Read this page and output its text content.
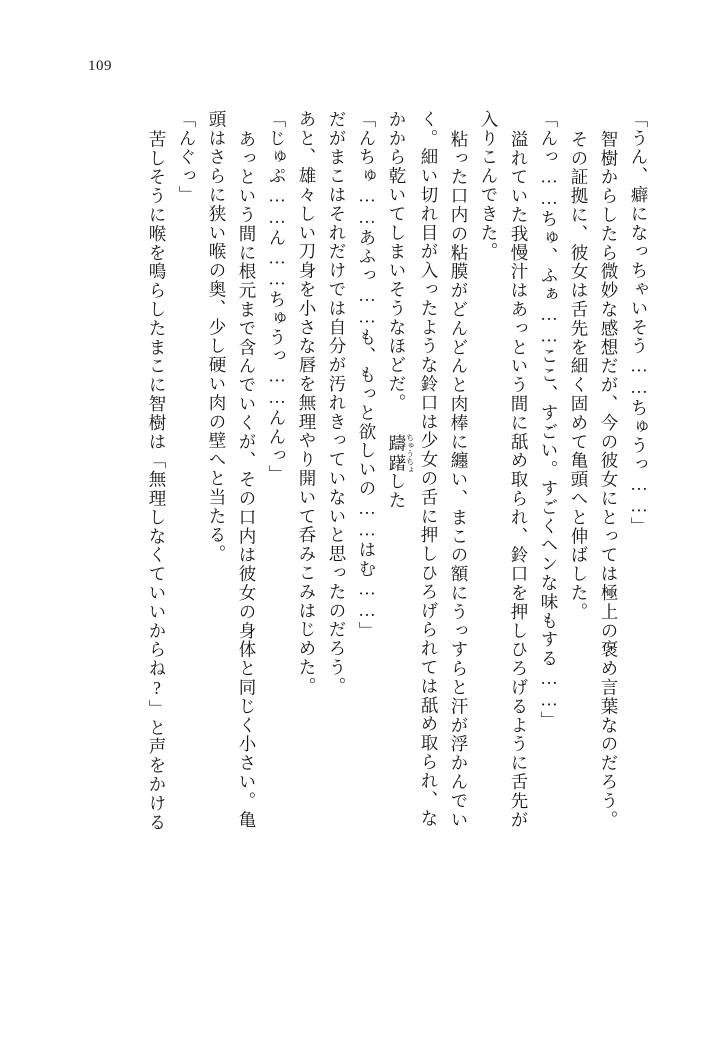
109
「うん、癖になっちゃいそう……ちゅうっ……」
智樹からしたら微妙な感想だが、今の彼女にとっては極上の褒め言葉なのだろう。
その証拠に、彼女は舌先を細く固めて亀頭へと伸ばした。
「んっ……ちゅ、ふぁ……ここ、すごい。すごくヘンな味もする……」
溢れていた我慢汁はあっという間に舐め取られ、鈴口を押しひろげるように舌先が
入りこんできた。
粘った口内の粘膜がどんどんと肉棒に纏い、まこの額にうっすらと汗が浮かんでい
く。細い切れ目が入ったような鈴口は少女の舌に押しひろげられては舐め取られ、な
かから乾いてしまいそうなほどだ。 躊躇ちゅうちょした
「んちゅ……あふっ……も、もっと欲しいの……はむ……」
だがまこはそれだけでは自分が汚れきっていないと思ったのだろう。
あと、雄々しい刀身を小さな唇を無理やり開いて呑みこみはじめた。
「じゅぷ……ん……ちゅうっ……んんっ」
あっという間に根元まで含んでいくが、その口内は彼女の身体と同じく小さい。亀
頭はさらに狭い喉の奥、少し硬い肉の壁へと当たる。
「んぐっ」
苦しそうに喉を鳴らしたまこに智樹は「無理しなくていいからね?」と声をかける
